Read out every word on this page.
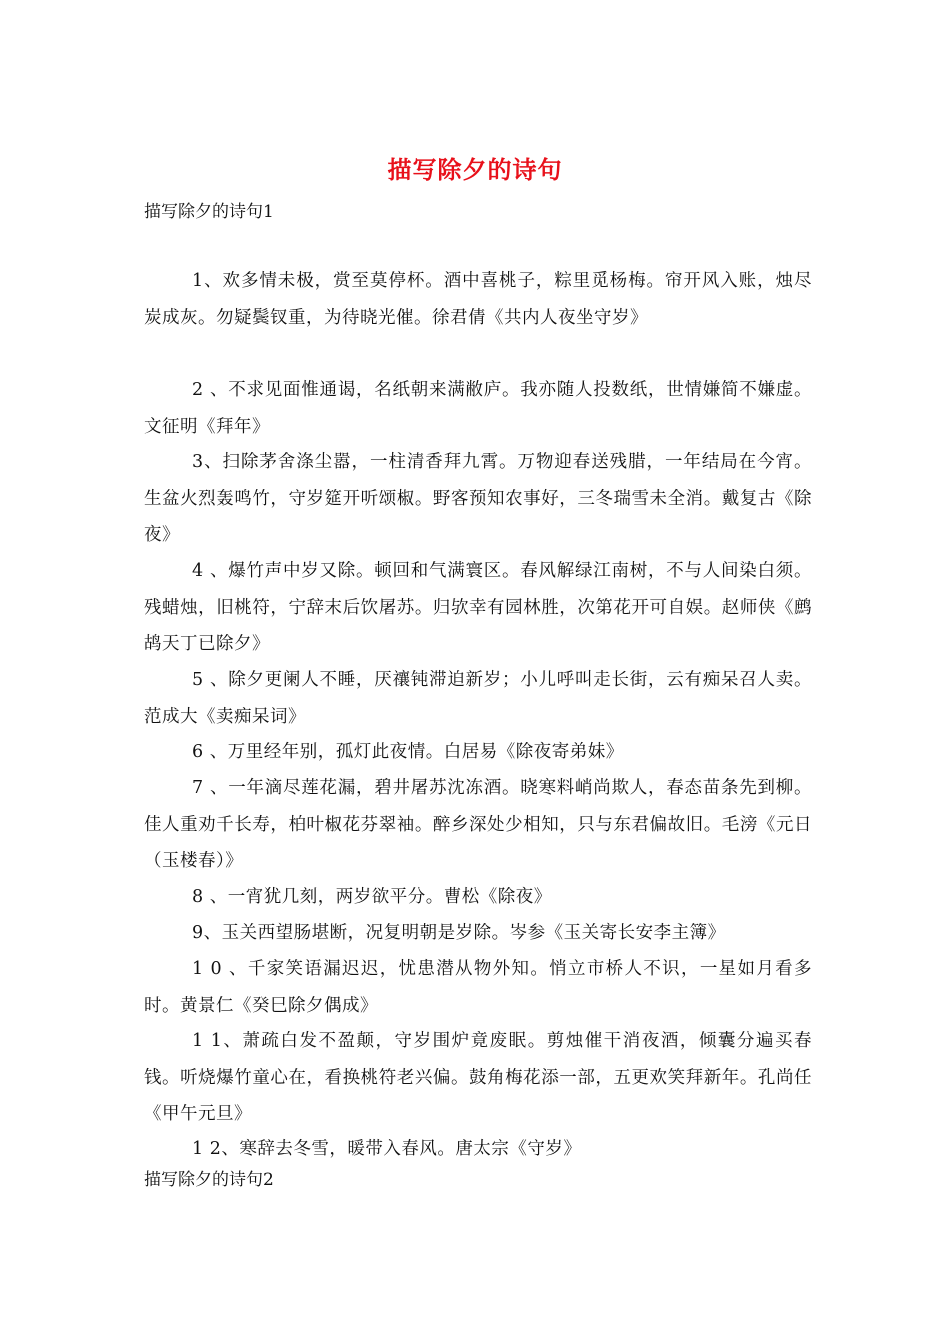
描写除夕的诗句
描写除夕的诗句1
1、欢多情未极，赏至莫停杯。酒中喜桃子，粽里觅杨梅。帘开风入账，烛尽炭成灰。勿疑鬓钗重，为待晓光催。徐君倩《共内人夜坐守岁》
2 、不求见面惟通谒，名纸朝来满敝庐。我亦随人投数纸，世情嫌简不嫌虚。文征明《拜年》
3、扫除茅舍涤尘嚣，一柱清香拜九霄。万物迎春送残腊，一年结局在今宵。生盆火烈轰鸣竹，守岁筵开听颂椒。野客预知农事好，三冬瑞雪未全消。戴复古《除夜》
4 、爆竹声中岁又除。顿回和气满寰区。春风解绿江南树，不与人间染白须。残蜡烛，旧桃符，宁辞末后饮屠苏。归欤幸有园林胜，次第花开可自娱。赵师侠《鹧鸪天丁已除夕》
5 、除夕更阑人不睡，厌禳钝滞迫新岁；小儿呼叫走长街，云有痴呆召人卖。范成大《卖痴呆词》
6 、万里经年别，孤灯此夜情。白居易《除夜寄弟妹》
7 、一年滴尽莲花漏，碧井屠苏沈冻酒。晓寒料峭尚欺人，春态苗条先到柳。佳人重劝千长寿，柏叶椒花芬翠袖。醉乡深处少相知，只与东君偏故旧。毛滂《元日（玉楼春）》
8 、一宵犹几刻，两岁欲平分。曹松《除夜》
9、玉关西望肠堪断，况复明朝是岁除。岑参《玉关寄长安李主簿》
1 0 、千家笑语漏迟迟，忧患潜从物外知。悄立市桥人不识，一星如月看多时。黄景仁《癸巳除夕偶成》
1 1、萧疏白发不盈颠，守岁围炉竟废眠。剪烛催干消夜酒，倾囊分遍买春钱。听烧爆竹童心在，看换桃符老兴偏。鼓角梅花添一部，五更欢笑拜新年。孔尚任《甲午元旦》
1 2、寒辞去冬雪，暖带入春风。唐太宗《守岁》
描写除夕的诗句2
